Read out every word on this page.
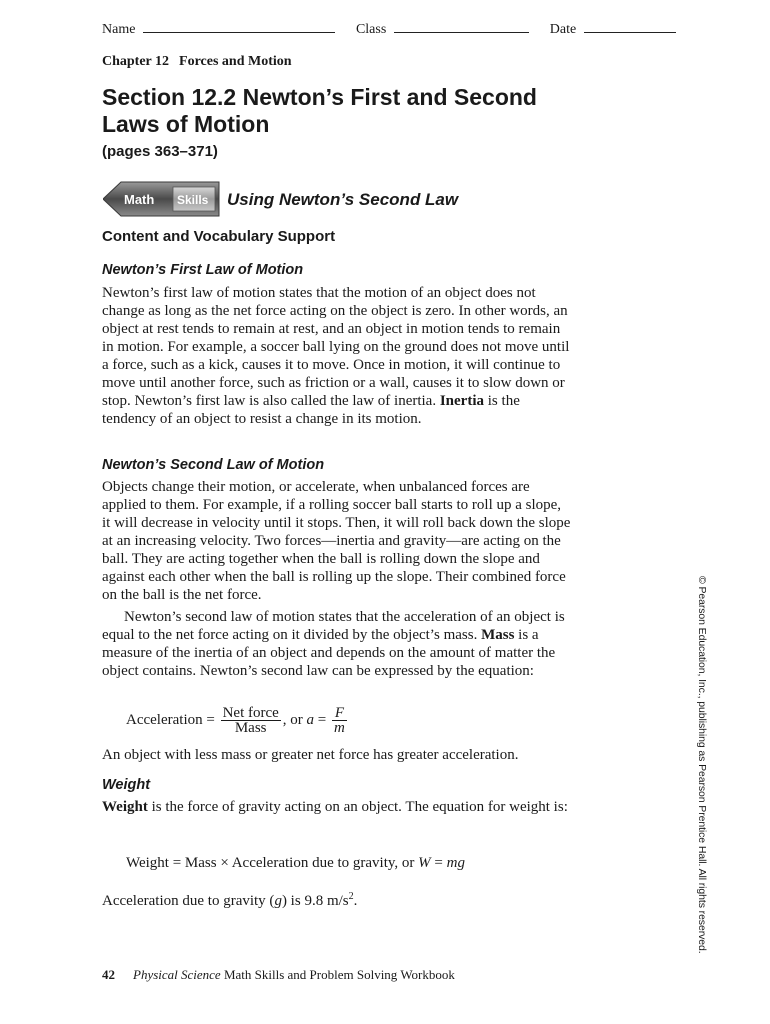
Name	Class	Date
Chapter 12 Forces and Motion
Section 12.2 Newton’s First and Second Laws of Motion
(pages 363–371)
Math Skills Using Newton’s Second Law
Content and Vocabulary Support
Newton’s First Law of Motion

Newton’s first law of motion states that the motion of an object does not change as long as the net force acting on the object is zero. In other words, an object at rest tends to remain at rest, and an object in motion tends to remain in motion. For example, a soccer ball lying on the ground does not move until a force, such as a kick, causes it to move. Once in motion, it will continue to move until another force, such as friction or a wall, causes it to slow down or stop. Newton’s first law is also called the law of inertia. Inertia is the tendency of an object to resist a change in its motion.

Newton’s Second Law of Motion

Objects change their motion, or accelerate, when unbalanced forces are applied to them. For example, if a rolling soccer ball starts to roll up a slope, it will decrease in velocity until it stops. Then, it will roll back down the slope at an increasing velocity. Two forces—inertia and gravity—are acting on the ball. They are acting together when the ball is rolling down the slope and against each other when the ball is rolling up the slope. Their combined force on the ball is the net force.

Newton’s second law of motion states that the acceleration of an object is equal to the net force acting on it divided by the object’s mass. Mass is a measure of the inertia of an object and depends on the amount of matter the object contains. Newton’s second law can be expressed by the equation:

Acceleration = $\frac{\text{Net force}}{\text{Mass}}$ , or $a = \frac{F}{m}$

An object with less mass or greater net force has greater acceleration.

Weight

Weight is the force of gravity acting on an object. The equation for weight is:

Weight = Mass × Acceleration due to gravity, or W = mg

Acceleration due to gravity (g) is 9.8 $m/s^2$.	© Pearson Education, Inc., publishing as Pearson Prentice Hall. All rights reserved.
42 Physical Science Math Skills and Problem Solving Workbook
